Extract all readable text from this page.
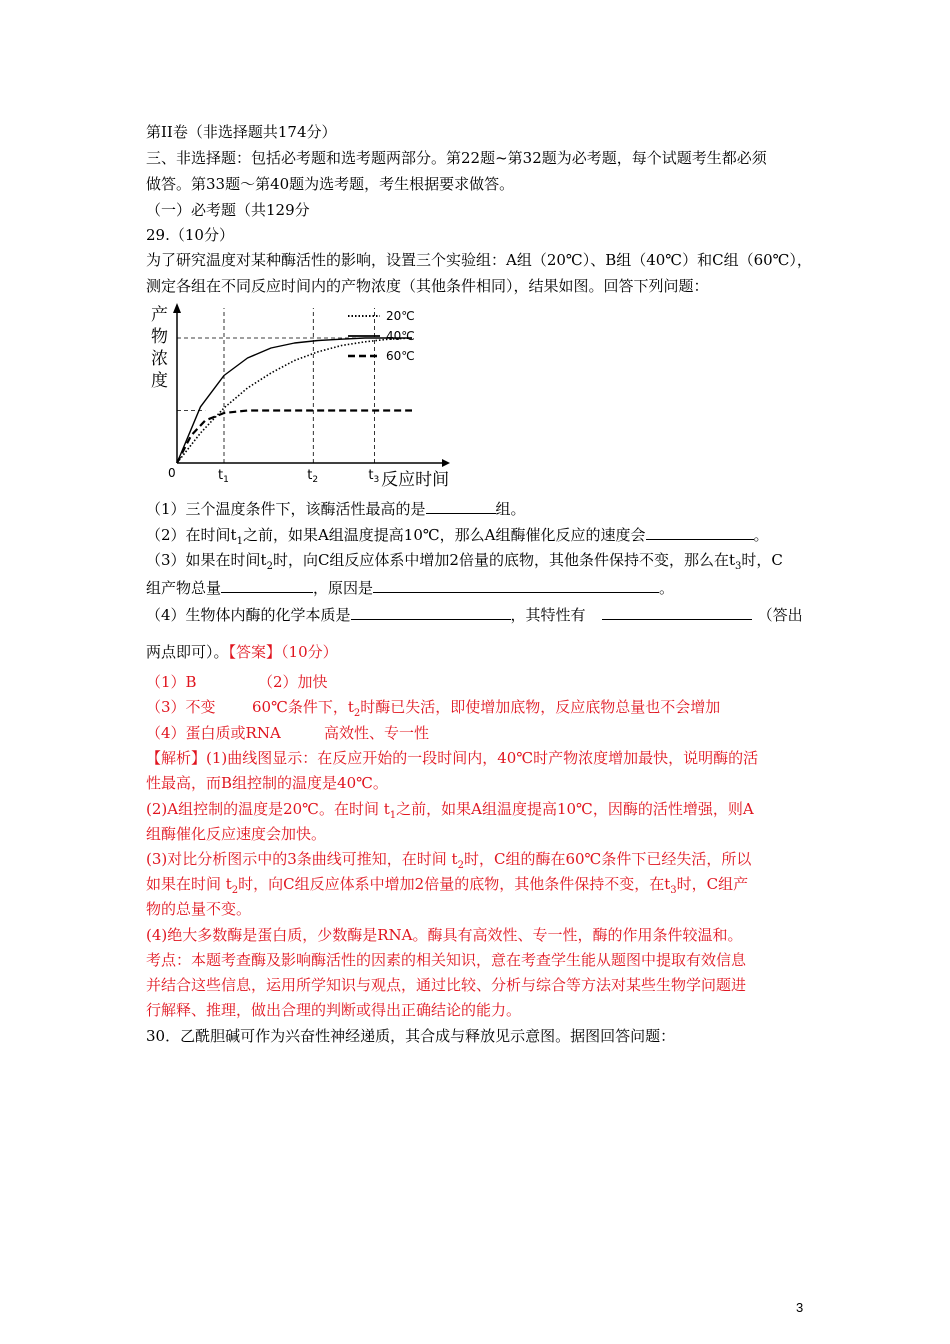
第II卷（非选择题共174分）
三、非选择题：包括必考题和选考题两部分。第22题~第32题为必考题，每个试题考生都必须
做答。第33题～第40题为选考题，考生根据要求做答。
（一）必考题（共129分
29.（10分）
为了研究温度对某种酶活性的影响，设置三个实验组：A组（20℃）、B组（40℃）和C组（60℃），
测定各组在不同反应时间内的产物浓度（其他条件相同），结果如图。回答下列问题：
产
物
浓
度
0	$t_1$	$t_2$	$t_3$ 反应时间
20℃
40℃
60℃
（1）三个温度条件下，该酶活性最高的是	组。
（2）在时间$t_1$之前，如果A组温度提高10℃，那么A组酶催化反应的速度会	。
（3）如果在时间$t_2$时，向C组反应体系中增加2倍量的底物，其他条件保持不变，那么在$t_3$时，C
组产物总量	，原因是	。
（4）生物体内酶的化学本质是	，其特性有	（答出
两点即可）。【答案】（10分）
（1）B	（2）加快
（3）不变 60℃条件下，$t_2$时酶已失活，即使增加底物，反应底物总量也不会增加
（4）蛋白质或RNA	高效性、专一性
【解析】(1)曲线图显示：在反应开始的一段时间内，40℃时产物浓度增加最快，说明酶的活
性最高，而B组控制的温度是40℃。
(2)A组控制的温度是20℃。在时间 $t_1$之前，如果A组温度提高10℃，因酶的活性增强，则A
组酶催化反应速度会加快。
(3)对比分析图示中的3条曲线可推知，在时间 $t_2$时，C组的酶在60℃条件下已经失活，所以
如果在时间 $t_2$时，向C组反应体系中增加2倍量的底物，其他条件保持不变，在$t_3$时，C组产
物的总量不变。
(4)绝大多数酶是蛋白质，少数酶是RNA。酶具有高效性、专一性，酶的作用条件较温和。
考点：本题考查酶及影响酶活性的因素的相关知识，意在考查学生能从题图中提取有效信息
并结合这些信息，运用所学知识与观点，通过比较、分析与综合等方法对某些生物学问题进
行解释、推理，做出合理的判断或得出正确结论的能力。
30．乙酰胆碱可作为兴奋性神经递质，其合成与释放见示意图。据图回答问题：
3
